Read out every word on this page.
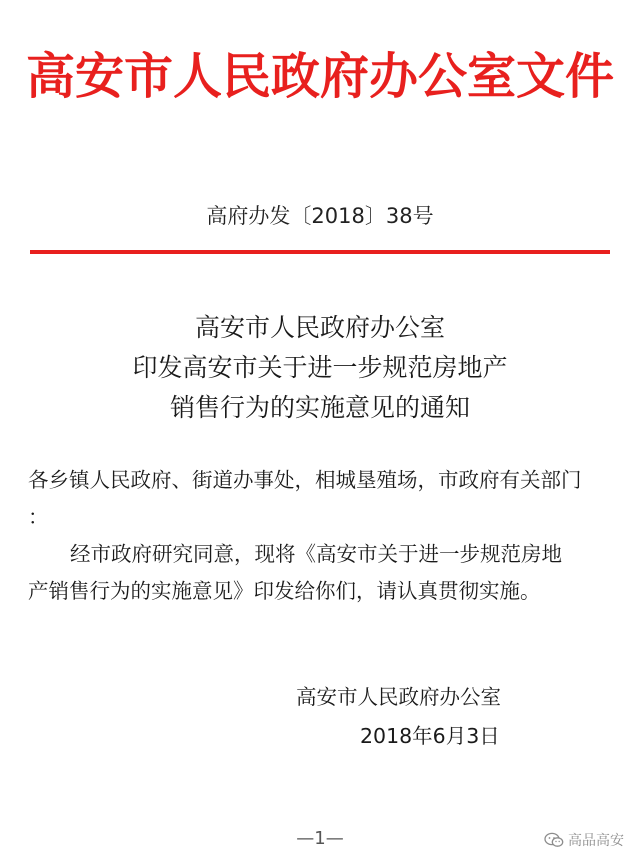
高安市人民政府办公室文件
高府办发〔2018〕38号
高安市人民政府办公室
印发高安市关于进一步规范房地产
销售行为的实施意见的通知
各乡镇人民政府、街道办事处，相城垦殖场，市政府有关部门
：
经市政府研究同意，现将《高安市关于进一步规范房地
产销售行为的实施意见》印发给你们，请认真贯彻实施。
高安市人民政府办公室
2018年6月3日
—1—	高品高安
